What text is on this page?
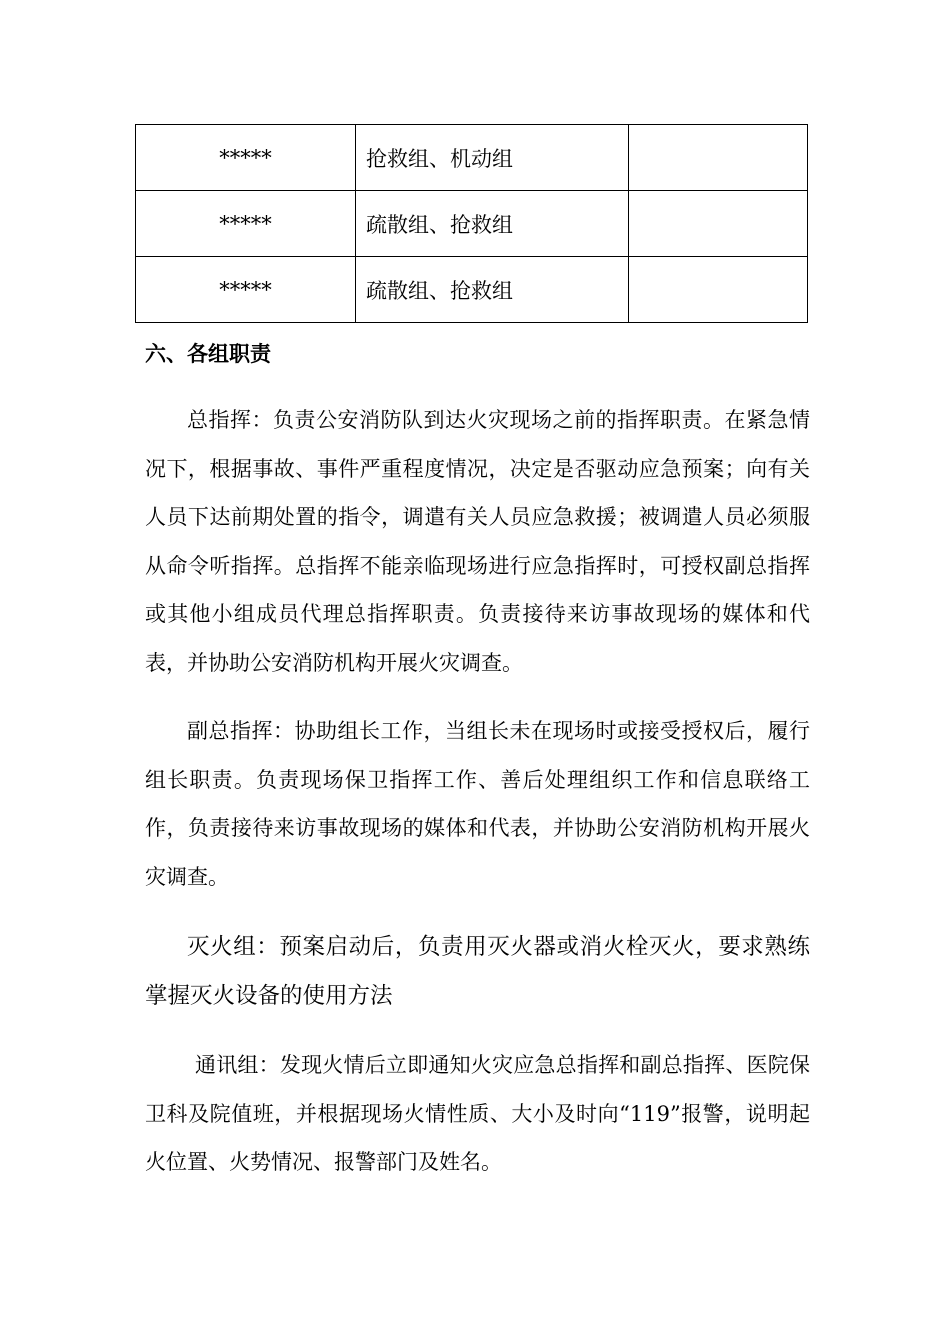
*****	抢救组、机动组	
*****	疏散组、抢救组	
*****	疏散组、抢救组	
六、各组职责

总指挥：负责公安消防队到达火灾现场之前的指挥职责。在紧急情况下，根据事故、事件严重程度情况，决定是否驱动应急预案；向有关人员下达前期处置的指令，调遣有关人员应急救援；被调遣人员必须服从命令听指挥。总指挥不能亲临现场进行应急指挥时，可授权副总指挥或其他小组成员代理总指挥职责。负责接待来访事故现场的媒体和代表，并协助公安消防机构开展火灾调查。

副总指挥：协助组长工作，当组长未在现场时或接受授权后，履行组长职责。负责现场保卫指挥工作、善后处理组织工作和信息联络工作，负责接待来访事故现场的媒体和代表，并协助公安消防机构开展火灾调查。

灭火组：预案启动后，负责用灭火器或消火栓灭火，要求熟练掌握灭火设备的使用方法

通讯组：发现火情后立即通知火灾应急总指挥和副总指挥、医院保卫科及院值班，并根据现场火情性质、大小及时向“119”报警，说明起火位置、火势情况、报警部门及姓名。
